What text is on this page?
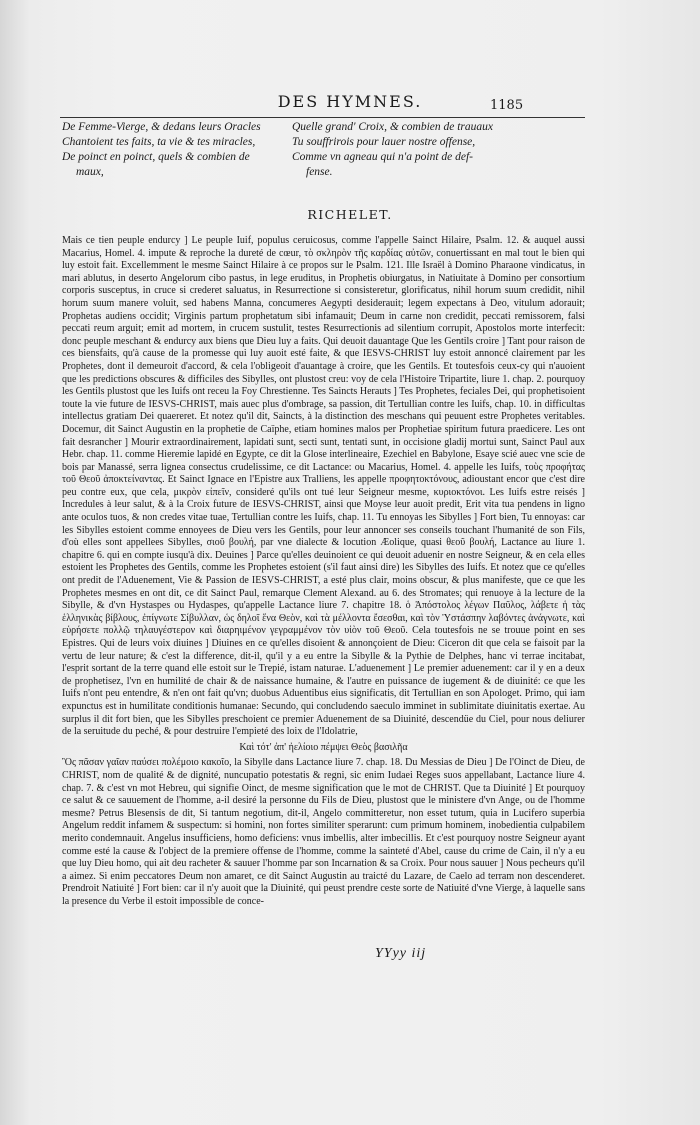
DES HYMNES.	1185
De Femme-Vierge, & dedans leurs Oracles
Chantoient tes faits, ta vie & tes miracles,
De poinct en poinct, quels & combien de
maux,
Quelle grand' Croix, & combien de trauaux
Tu souffrirois pour lauer nostre offense,
Comme vn agneau qui n'a point de def-
fense.
RICHELET.

Mais ce tien peuple endurcy ] Le peuple Iuif, populus ceruicosus, comme l'appelle Sainct Hilaire, Psalm. 12. & auquel aussi Macarius, Homel. 4. impute & reproche la dureté de cœur, τὸ σκληρὸν τῆς καρδίας αὐτῶν, conuertissant en mal tout le bien qui luy estoit fait. Excellemment le mesme Sainct Hilaire à ce propos sur le Psalm. 121. Ille Israël à Domino Pharaone vindicatus, in mari ablutus, in deserto Angelorum cibo pastus, in lege eruditus, in Prophetis obiurgatus, in Natiuitate à Domino per consortium corporis susceptus, in cruce si crederet saluatus, in Resurrectione si consisteretur, glorificatus, nihil horum suum credidit, nihil horum suum manere voluit, sed habens Manna, concumeres Aegypti desiderauit; legem expectans à Deo, vitulum adorauit; Prophetas audiens occidit; Virginis partum prophetatum sibi infamauit; Deum in carne non credidit, peccati remissorem, falsi peccati reum arguit; emit ad mortem, in crucem sustulit, testes Resurrectionis ad silentium corrupit, Apostolos morte interfecit: donc peuple meschant & endurcy aux biens que Dieu luy a faits. Qui deuoit dauantage Que les Gentils croire ] Tant pour raison de ces biensfaits, qu'à cause de la promesse qui luy auoit esté faite, & que IESVS-CHRIST luy estoit annoncé clairement par les Prophetes, dont il demeuroit d'accord, & cela l'obligeoit d'auantage à croire, que les Gentils. Et toutesfois ceux-cy qui n'auoient que les predictions obscures & difficiles des Sibylles, ont plustost creu: voy de cela l'Histoire Tripartite, liure 1. chap. 2. pourquoy les Gentils plustost que les Iuifs ont receu la Foy Chrestienne. Tes Saincts Herauts ] Tes Prophetes, feciales Dei, qui prophetisoient toute la vie future de IESVS-CHRIST, mais auec plus d'ombrage, sa passion, dit Tertullian contre les Iuifs, chap. 10. in difficultas intellectus gratiam Dei quaereret. Et notez qu'il dit, Saincts, à la distinction des meschans qui peuuent estre Prophetes veritables. Docemur, dit Sainct Augustin en la prophetie de Caïphe, etiam homines malos per Prophetiae spiritum futura praedicere. Les ont fait desrancher ] Mourir extraordinairement, lapidati sunt, secti sunt, tentati sunt, in occisione gladij mortui sunt, Sainct Paul aux Hebr. chap. 11. comme Hieremie lapidé en Egypte, ce dit la Glose interlineaire, Ezechiel en Babylone, Esaye scié auec vne scie de bois par Manassé, serra lignea consectus crudelissime, ce dit Lactance: ou Macarius, Homel. 4. appelle les Iuifs, τοὺς προφήτας τοῦ Θεοῦ ἀποκτείναντας. Et Sainct Ignace en l'Epistre aux Tralliens, les appelle προφητοκτόνους, adioustant encor que c'est dire peu contre eux, que cela, μικρὸν εἰπεῖν, consideré qu'ils ont tué leur Seigneur mesme, κυριοκτόνοι. Les Iuifs estre reisés ] Incredules à leur salut, & à la Croix future de IESVS-CHRIST, ainsi que Moyse leur auoit predit, Erit vita tua pendens in ligno ante oculos tuos, & non credes vitae tuae, Tertullian contre les Iuifs, chap. 11. Tu ennoyas les Sibylles ] Fort bien, Tu ennoyas: car les Sibylles estoient comme ennoyees de Dieu vers les Gentils, pour leur annoncer ses conseils touchant l'humanité de son Fils, d'où elles sont appellees Sibylles, σιοῦ βουλή, par vne dialecte & locution Æolique, quasi θεοῦ βουλή, Lactance au liure 1. chapitre 6. qui en compte iusqu'à dix. Deuines ] Parce qu'elles deuinoient ce qui deuoit aduenir en nostre Seigneur, & en cela elles estoient les Prophetes des Gentils, comme les Prophetes estoient (s'il faut ainsi dire) les Sibylles des Iuifs. Et notez que ce qu'elles ont predit de l'Aduenement, Vie & Passion de IESVS-CHRIST, a esté plus clair, moins obscur, & plus manifeste, que ce que les Prophetes mesmes en ont dit, ce dit Sainct Paul, remarque Clement Alexand. au 6. des Stromates; qui renuoye à la lecture de la Sibylle, & d'vn Hystaspes ou Hydaspes, qu'appelle Lactance liure 7. chapitre 18. ὁ Ἀπόστολος λέγων Παῦλος, λάβετε ἡ τὰς ἑλληνικὰς βίβλους, ἐπίγνωτε Σίβυλλαν, ὡς δηλοῖ ἕνα Θεὸν, καὶ τὰ μέλλοντα ἔσεσθαι, καὶ τὸν Ὑστάσπην λαβόντες ἀνάγνωτε, καὶ εὑρήσετε πολλῷ τηλαυγέστερον καὶ διαρηιμένον γεγραμμένον τὸν υἱὸν τοῦ Θεοῦ. Cela toutesfois ne se trouue point en ses Epistres. Qui de leurs voix diuines ] Diuines en ce qu'elles disoient & annonçoient de Dieu: Ciceron dit que cela se faisoit par la vertu de leur nature; & c'est la difference, dit-il, qu'il y a eu entre la Sibylle & la Pythie de Delphes, hanc vi terrae incitabat, l'esprit sortant de la terre quand elle estoit sur le Trepié, istam naturae. L'aduenement ] Le premier aduenement: car il y en a deux de prophetisez, l'vn en humilité de chair & de naissance humaine, & l'autre en puissance de iugement & de diuinité: ce que les Iuifs n'ont peu entendre, & n'en ont fait qu'vn; duobus Aduentibus eius significatis, dit Tertullian en son Apologet. Primo, qui iam expunctus est in humilitate conditionis humanae: Secundo, qui concludendo saeculo imminet in sublimitate diuinitatis exertae. Au surplus il dit fort bien, que les Sibylles preschoient ce premier Aduenement de sa Diuinité, descendüe du Ciel, pour nous deliurer de la seruitude du peché, & pour destruire l'empieté des loix de l'Idolatrie,

Καὶ τότ' ἀπ' ἠελίοιο πέμψει Θεὸς βασιλῆα

Ὃς πᾶσαν γαῖαν παύσει πολέμοιο κακοῖο, la Sibylle dans Lactance liure 7. chap. 18. Du Messias de Dieu ] De l'Oinct de Dieu, de CHRIST, nom de qualité & de dignité, nuncupatio potestatis & regni, sic enim Iudaei Reges suos appellabant, Lactance liure 4. chap. 7. & c'est vn mot Hebreu, qui signifie Oinct, de mesme signification que le mot de CHRIST. Que ta Diuinité ] Et pourquoy ce salut & ce sauuement de l'homme, a-il desiré la personne du Fils de Dieu, plustost que le ministere d'vn Ange, ou de l'homme mesme? Petrus Blesensis de dit, Si tantum negotium, dit-il, Angelo committeretur, non esset tutum, quia in Lucifero superbia Angelum reddit infamem & suspectum: si homini, non fortes similiter sperarunt: cum primum hominem, inobedientia culpabilem merito condemnauit. Angelus insufficiens, homo deficiens: vnus imbellis, alter imbecillis. Et c'est pourquoy nostre Seigneur ayant comme esté la cause & l'object de la premiere offense de l'homme, comme la sainteté d'Abel, cause du crime de Cain, il n'y a eu que luy Dieu homo, qui ait deu racheter & sauuer l'homme par son Incarnation & sa Croix. Pour nous sauuer ] Nous pecheurs qu'il a aimez. Si enim peccatores Deum non amaret, ce dit Sainct Augustin au traicté du Lazare, de Caelo ad terram non descenderet. Prendroit Natiuité ] Fort bien: car il n'y auoit que la Diuinité, qui peust prendre ceste sorte de Natiuité d'vne Vierge, à laquelle sans la presence du Verbe il estoit impossible de conce-

YYyy iij
